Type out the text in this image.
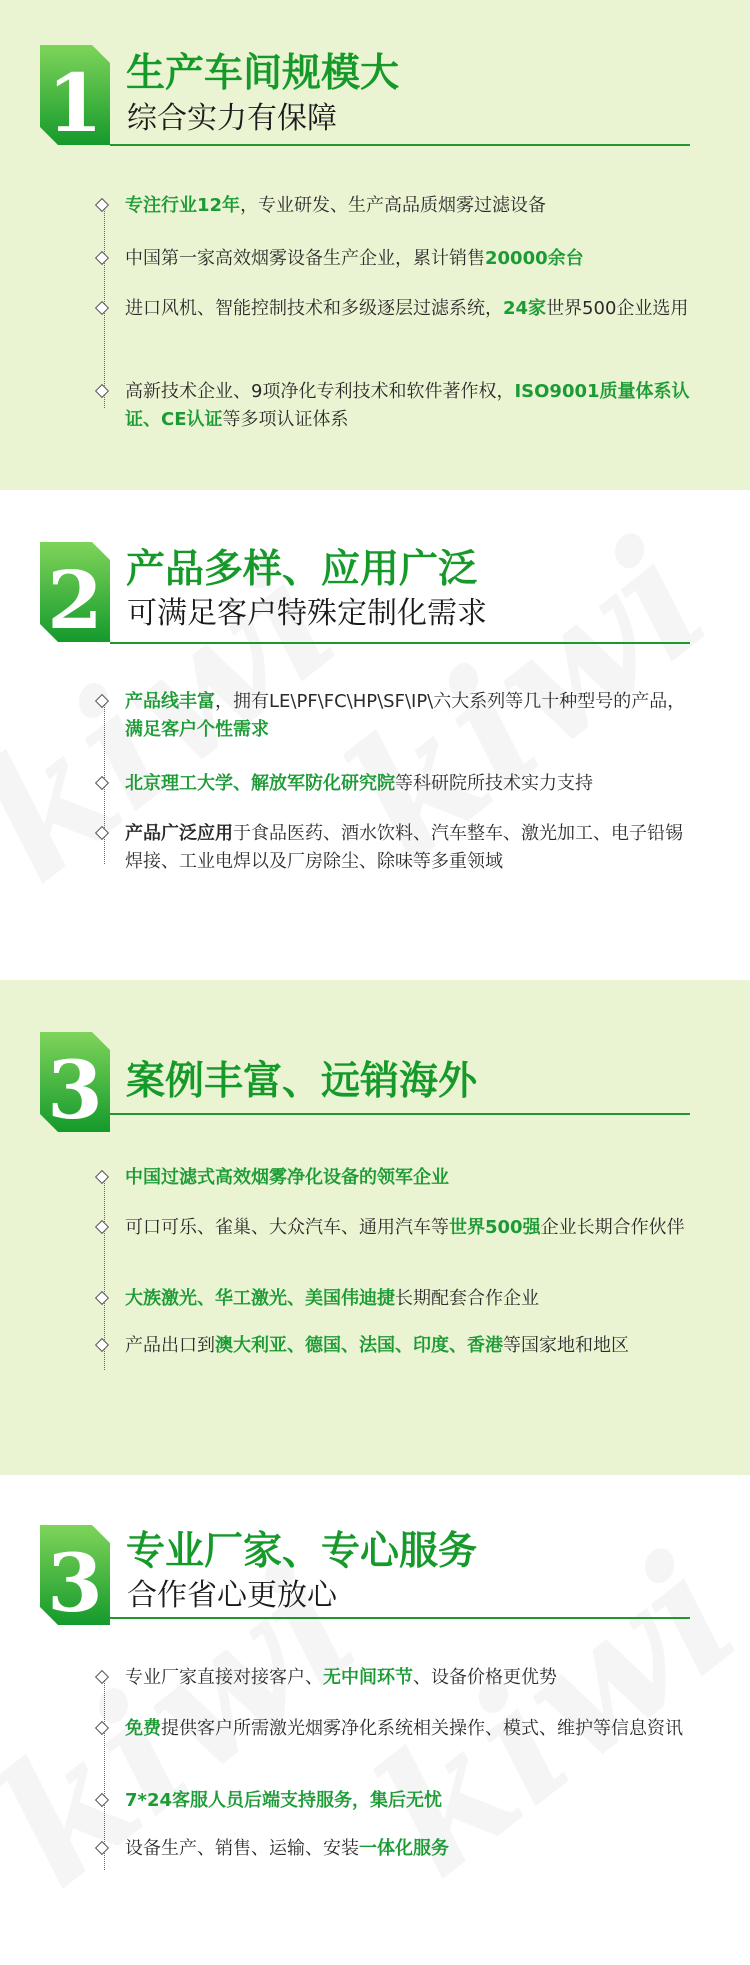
1 生产车间规模大
综合实力有保障
专注行业12年，专业研发、生产高品质烟雾过滤设备
中国第一家高效烟雾设备生产企业，累计销售20000余台
进口风机、智能控制技术和多级逐层过滤系统，24家世界500企业选用
高新技术企业、9项净化专利技术和软件著作权，ISO9001质量体系认证、CE认证等多项认证体系
2 产品多样、应用广泛
可满足客户特殊定制化需求
产品线丰富，拥有LE\PF\FC\HP\SF\IP\六大系列等几十种型号的产品，满足客户个性需求
北京理工大学、解放军防化研究院等科研院所技术实力支持
产品广泛应用于食品医药、酒水饮料、汽车整车、激光加工、电子铅锡焊接、工业电焊以及厂房除尘、除味等多重领域
3 案例丰富、远销海外
中国过滤式高效烟雾净化设备的领军企业
可口可乐、雀巢、大众汽车、通用汽车等世界500强企业长期合作伙伴
大族激光、华工激光、美国伟迪捷长期配套合作企业
产品出口到澳大利亚、德国、法国、印度、香港等国家地和地区
3 专业厂家、专心服务
合作省心更放心
专业厂家直接对接客户、无中间环节、设备价格更优势
免费提供客户所需激光烟雾净化系统相关操作、模式、维护等信息资讯
7*24客服人员后端支持服务，集后无忧
设备生产、销售、运输、安装一体化服务
